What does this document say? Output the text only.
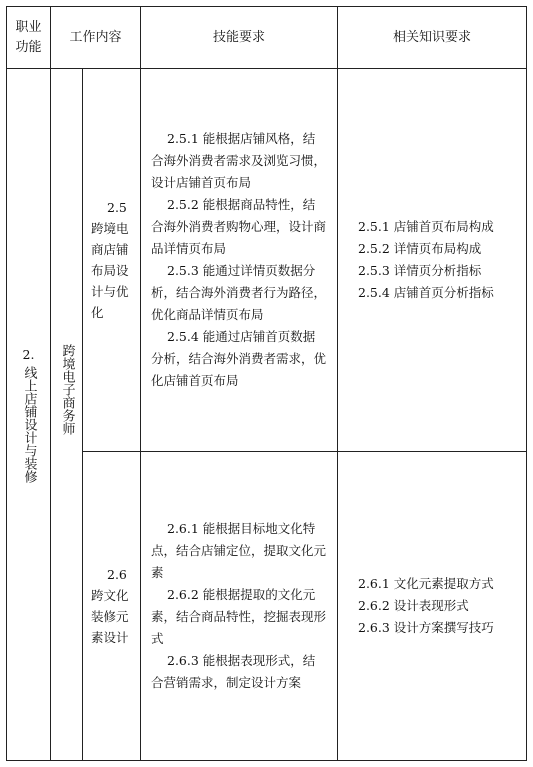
职业
功能
工作内容	技能要求	相关知识要求
2.
线上店铺设计与装修 跨境电子商务师
2.5
跨境电
商店铺
布局设
计与优
化
2.5.1 能根据店铺风格，结合海外消费者需求及浏览习惯，设计店铺首页布局
2.5.2 能根据商品特性，结合海外消费者购物心理，设计商品详情页布局
2.5.3 能通过详情页数据分析，结合海外消费者行为路径，优化商品详情页布局
2.5.4 能通过店铺首页数据分析，结合海外消费者需求，优化店铺首页布局
2.5.1 店铺首页布局构成
2.5.2 详情页布局构成
2.5.3 详情页分析指标
2.5.4 店铺首页分析指标
2.6
跨文化
装修元
素设计
2.6.1 能根据目标地文化特点，结合店铺定位，提取文化元素
2.6.2 能根据提取的文化元素，结合商品特性，挖掘表现形式
2.6.3 能根据表现形式，结合营销需求，制定设计方案
2.6.1 文化元素提取方式
2.6.2 设计表现形式
2.6.3 设计方案撰写技巧
